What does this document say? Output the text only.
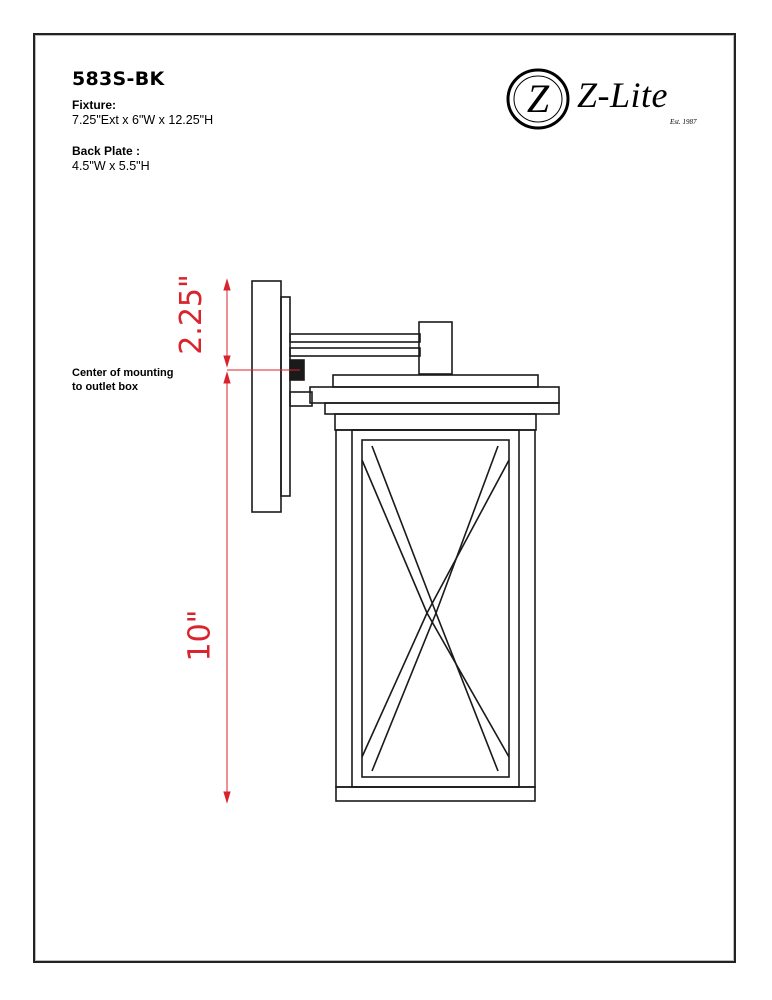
583S-BK
Fixture:
7.25"Ext x 6"W x 12.25"H
Back Plate :
4.5"W x 5.5"H
Center of mounting
to outlet box
Z Z-Lite
Est. 1987
2.25"
10"
